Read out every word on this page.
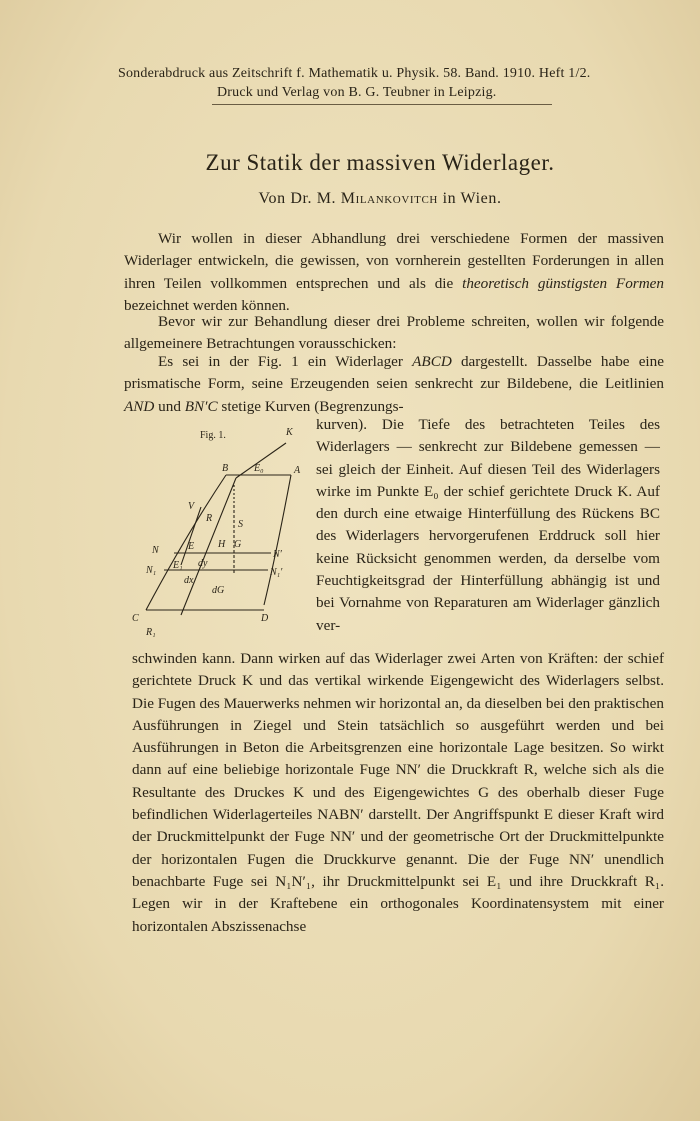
Sonderabdruck aus Zeitschrift f. Mathematik u. Physik. 58. Band. 1910. Heft 1/2.
Druck und Verlag von B. G. Teubner in Leipzig.
Zur Statik der massiven Widerlager.
Von Dr. M. Milankovitch in Wien.
Wir wollen in dieser Abhandlung drei verschiedene Formen der massiven Widerlager entwickeln, die gewissen, von vornherein gestellten Forderungen in allen ihren Teilen vollkommen entsprechen und als die theoretisch günstigsten Formen bezeichnet werden können.
Bevor wir zur Behandlung dieser drei Probleme schreiten, wollen wir folgende allgemeinere Betrachtungen vorausschicken:
Es sei in der Fig. 1 ein Widerlager ABCD dargestellt. Dasselbe habe eine prismatische Form, seine Erzeugenden seien senkrecht zur Bildebene, die Leitlinien AND und BN′C stetige Kurven (Begrenzungs-
kurven). Die Tiefe des betrachteten Teiles des Widerlagers — senkrecht zur Bildebene gemessen — sei gleich der Einheit. Auf diesen Teil des Widerlagers wirke im Punkte E₀ der schief gerichtete Druck K. Auf den durch eine etwaige Hinterfüllung des Rückens BC des Widerlagers hervorgerufenen Erddruck soll hier keine Rücksicht genommen werden, da derselbe vom Feuchtigkeitsgrad der Hinterfüllung abhängig ist und bei Vornahme von Reparaturen am Widerlager gänzlich ver-
Fig. 1.	K
B	E₀	A
V
R
S
N	E H G
N′
N₁	N₁′
E₁ dy
dx
dG
C	D
R₁
schwinden kann. Dann wirken auf das Widerlager zwei Arten von Kräften: der schief gerichtete Druck K und das vertikal wirkende Eigengewicht des Widerlagers selbst. Die Fugen des Mauerwerks nehmen wir horizontal an, da dieselben bei den praktischen Ausführungen in Ziegel und Stein tatsächlich so ausgeführt werden und bei Ausführungen in Beton die Arbeitsgrenzen eine horizontale Lage besitzen. So wirkt dann auf eine beliebige horizontale Fuge NN′ die Druckkraft R, welche sich als die Resultante des Druckes K und des Eigengewichtes G des oberhalb dieser Fuge befindlichen Widerlagerteiles NABN′ darstellt. Der Angriffspunkt E dieser Kraft wird der Druckmittelpunkt der Fuge NN′ und der geometrische Ort der Druckmittelpunkte der horizontalen Fugen die Druckkurve genannt. Die der Fuge NN′ unendlich benachbarte Fuge sei N₁N′₁, ihr Druckmittelpunkt sei E₁ und ihre Druckkraft R₁. Legen wir in der Kraftebene ein orthogonales Koordinatensystem mit einer horizontalen Abszissenachse
